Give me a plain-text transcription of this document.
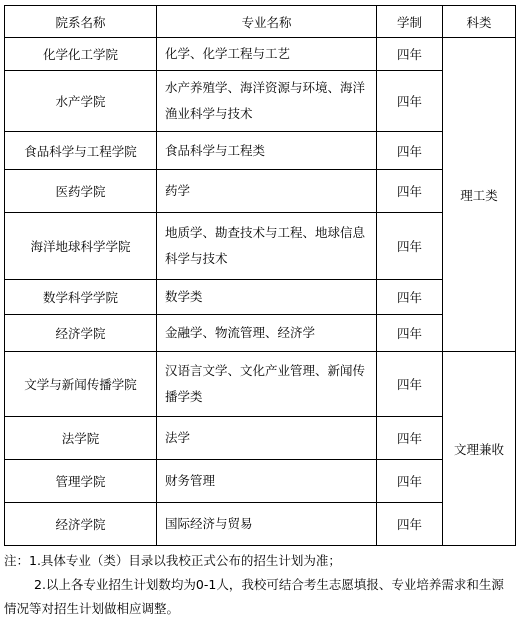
院系名称	专业名称	学制	科类
化学化工学院	化学、化学工程与工艺	四年	理工类
水产学院	水产养殖学、海洋资源与环境、海洋渔业科学与技术	四年	
食品科学与工程学院	食品科学与工程类	四年	
医药学院	药学	四年	
海洋地球科学学院	地质学、勘查技术与工程、地球信息科学与技术	四年	
数学科学学院	数学类	四年	
经济学院	金融学、物流管理、经济学	四年	
文学与新闻传播学院	汉语言文学、文化产业管理、新闻传播学类	四年	文理兼收
法学院	法学	四年	
管理学院	财务管理	四年	
经济学院	国际经济与贸易	四年	

注：1.具体专业（类）目录以我校正式公布的招生计划为准；

2.以上各专业招生计划数均为0-1人，我校可结合考生志愿填报、专业培养需求和生源情况等对招生计划做相应调整。
